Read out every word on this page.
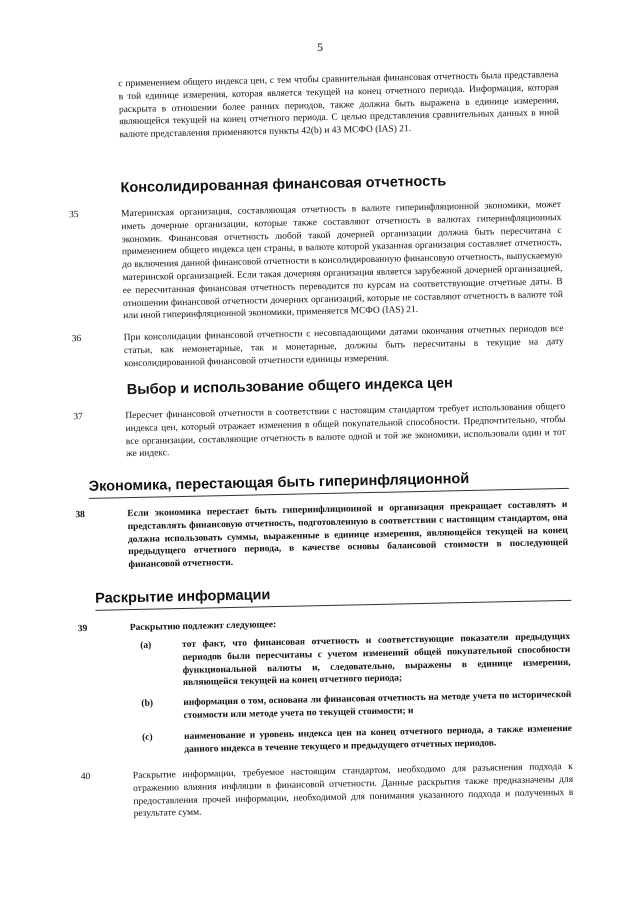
5
с применением общего индекса цен, с тем чтобы сравнительная финансовая отчетность была представлена в той единице измерения, которая является текущей на конец отчетного периода. Информация, которая раскрыта в отношении более ранних периодов, также должна быть выражена в единице измерения, являющейся текущей на конец отчетного периода. С целью представления сравнительных данных в иной валюте представления применяются пункты 42(b) и 43 МСФО (IAS) 21.
Консолидированная финансовая отчетность
35	Материнская организация, составляющая отчетность в валюте гиперинфляционной экономики, может иметь дочерние организации, которые также составляют отчетность в валютах гиперинфляционных экономик. Финансовая отчетность любой такой дочерней организации должна быть пересчитана с применением общего индекса цен страны, в валюте которой указанная организация составляет отчетность, до включения данной финансовой отчетности в консолидированную финансовую отчетность, выпускаемую материнской организацией. Если такая дочерняя организация является зарубежной дочерней организацией, ее пересчитанная финансовая отчетность переводится по курсам на соответствующие отчетные даты. В отношении финансовой отчетности дочерних организаций, которые не составляют отчетность в валюте той или иной гиперинфляционной экономики, применяется МСФО (IAS) 21.
36	При консолидации финансовой отчетности с несовпадающими датами окончания отчетных периодов все статьи, как немонетарные, так и монетарные, должны быть пересчитаны в текущие на дату консолидированной финансовой отчетности единицы измерения.
Выбор и использование общего индекса цен
37	Пересчет финансовой отчетности в соответствии с настоящим стандартом требует использования общего индекса цен, который отражает изменения в общей покупательной способности. Предпочтительно, чтобы все организации, составляющие отчетность в валюте одной и той же экономики, использовали один и тот же индекс.
Экономика, перестающая быть гиперинфляционной
38	Если экономика перестает быть гиперинфляционной и организация прекращает составлять и представлять финансовую отчетность, подготовленную в соответствии с настоящим стандартом, она должна использовать суммы, выраженные в единице измерения, являющейся текущей на конец предыдущего отчетного периода, в качестве основы балансовой стоимости в последующей финансовой отчетности.
Раскрытие информации
39	Раскрытию подлежит следующее:
(a)	тот факт, что финансовая отчетность и соответствующие показатели предыдущих периодов были пересчитаны с учетом изменений общей покупательной способности функциональной валюты и, следовательно, выражены в единице измерения, являющейся текущей на конец отчетного периода;
(b)	информация о том, основана ли финансовая отчетность на методе учета по исторической стоимости или методе учета по текущей стоимости; и
(c)	наименование и уровень индекса цен на конец отчетного периода, а также изменение данного индекса в течение текущего и предыдущего отчетных периодов.
40	Раскрытие информации, требуемое настоящим стандартом, необходимо для разъяснения подхода к отражению влияния инфляции в финансовой отчетности. Данные раскрытия также предназначены для предоставления прочей информации, необходимой для понимания указанного подхода и полученных в результате сумм.
